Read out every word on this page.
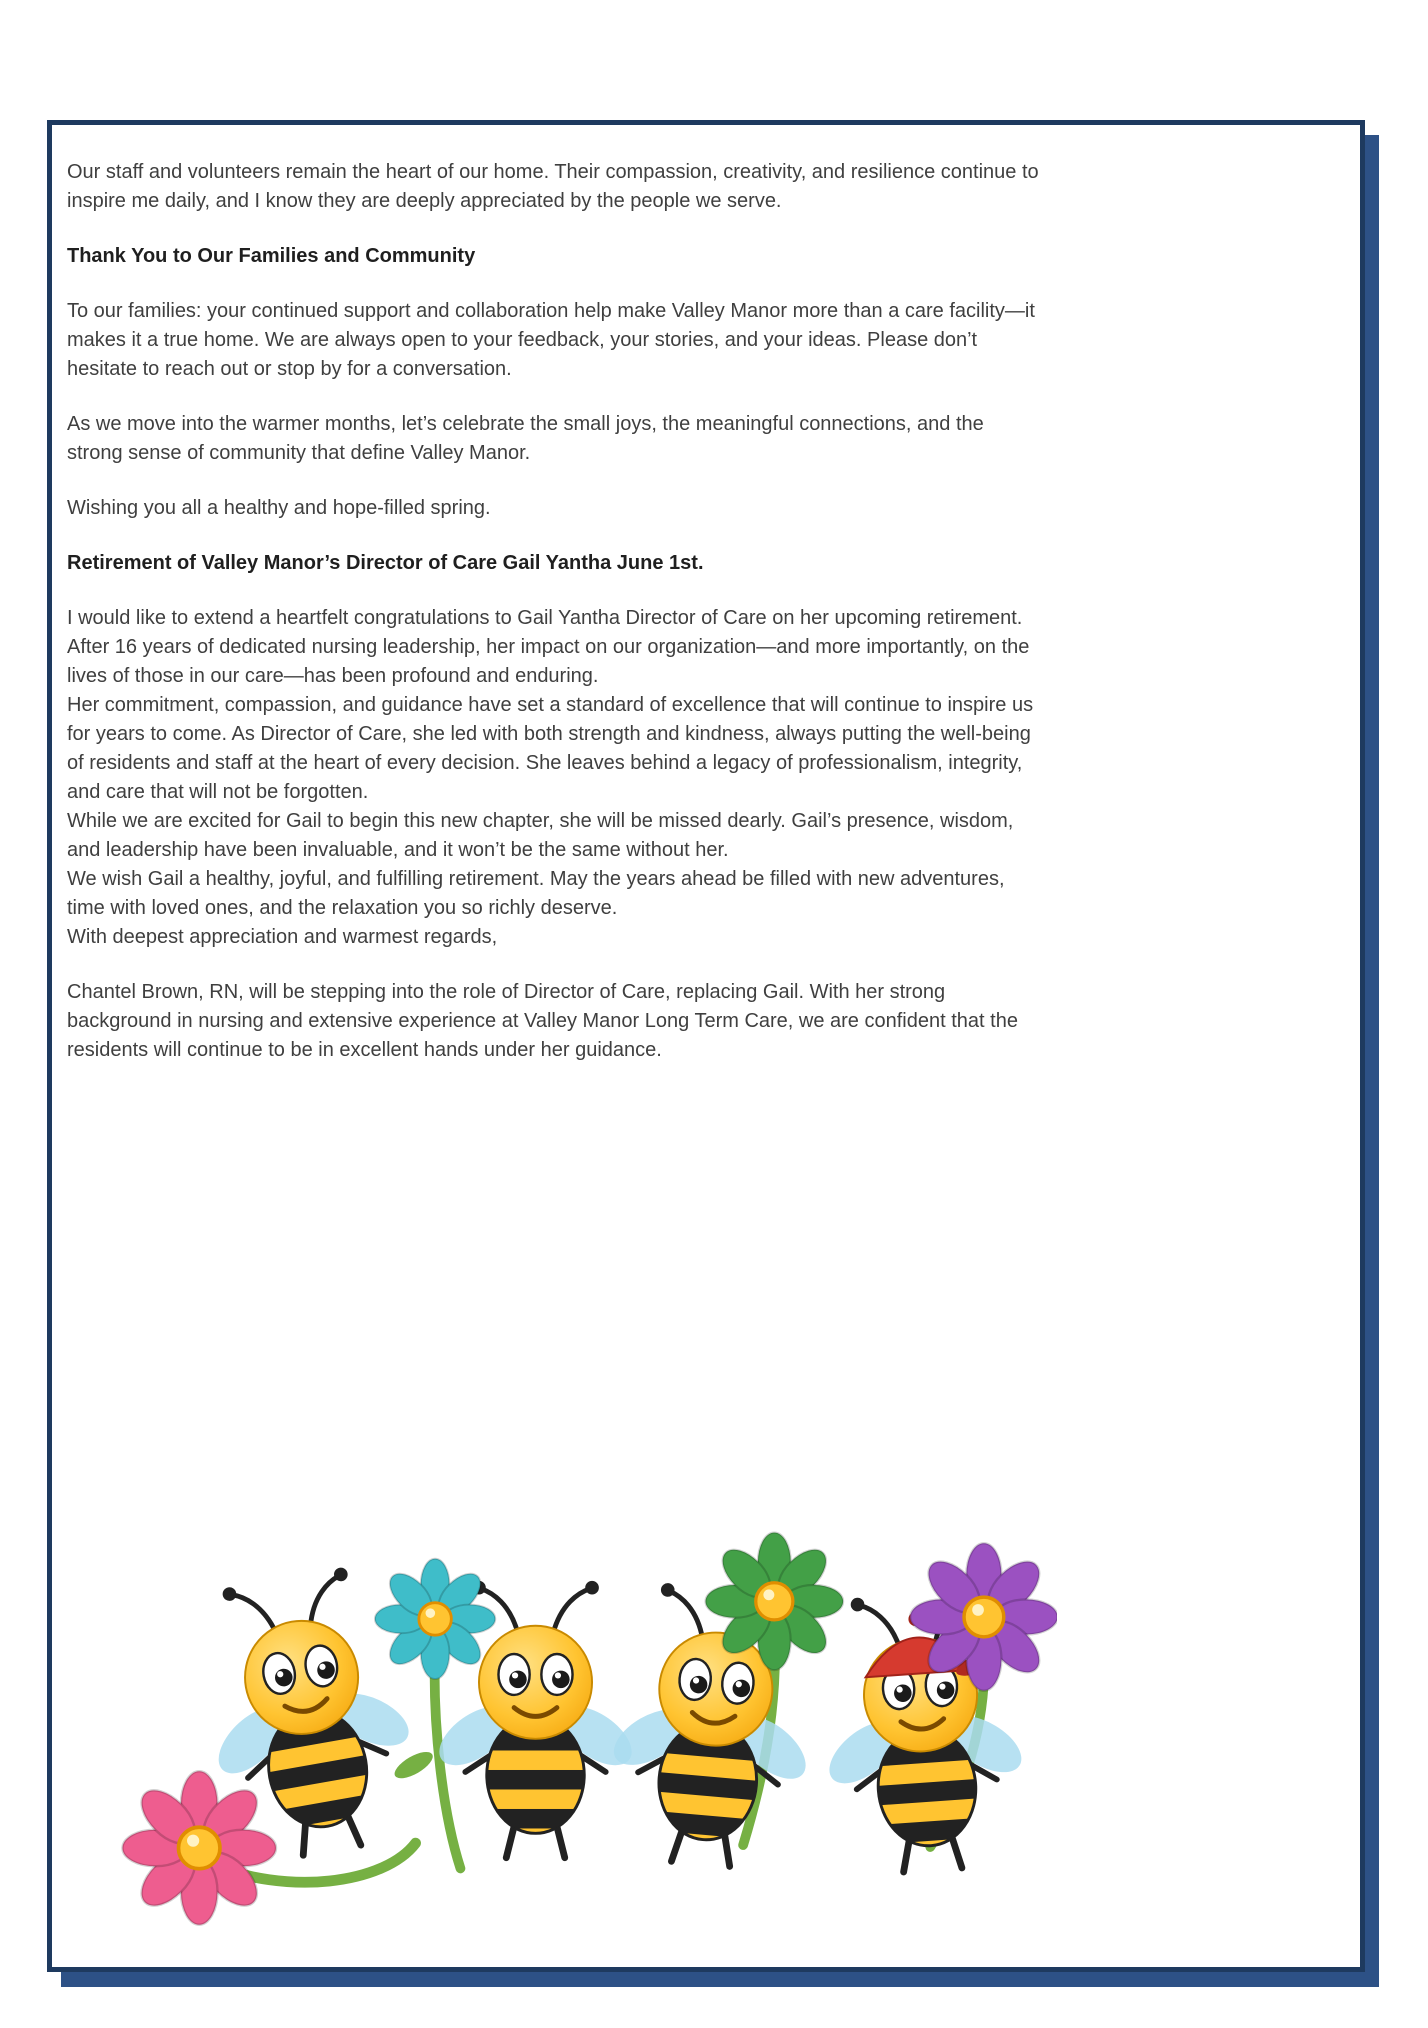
Our staff and volunteers remain the heart of our home. Their compassion, creativity, and resilience continue to inspire me daily, and I know they are deeply appreciated by the people we serve.

Thank You to Our Families and Community

To our families: your continued support and collaboration help make Valley Manor more than a care facility—it makes it a true home. We are always open to your feedback, your stories, and your ideas. Please don’t hesitate to reach out or stop by for a conversation.

As we move into the warmer months, let’s celebrate the small joys, the meaningful connections, and the strong sense of community that define Valley Manor.

Wishing you all a healthy and hope-filled spring.

Retirement of Valley Manor’s Director of Care Gail Yantha June 1st.

I would like to extend a heartfelt congratulations to Gail Yantha Director of Care on her upcoming retirement. After 16 years of dedicated nursing leadership, her impact on our organization—and more importantly, on the lives of those in our care—has been profound and enduring.

Her commitment, compassion, and guidance have set a standard of excellence that will continue to inspire us for years to come. As Director of Care, she led with both strength and kindness, always putting the well-being of residents and staff at the heart of every decision. She leaves behind a legacy of professionalism, integrity, and care that will not be forgotten.

While we are excited for Gail to begin this new chapter, she will be missed dearly. Gail’s presence, wisdom, and leadership have been invaluable, and it won’t be the same without her.

We wish Gail a healthy, joyful, and fulfilling retirement. May the years ahead be filled with new adventures, time with loved ones, and the relaxation you so richly deserve.

With deepest appreciation and warmest regards,

Chantel Brown, RN, will be stepping into the role of Director of Care, replacing Gail. With her strong background in nursing and extensive experience at Valley Manor Long Term Care, we are confident that the residents will continue to be in excellent hands under her guidance.
